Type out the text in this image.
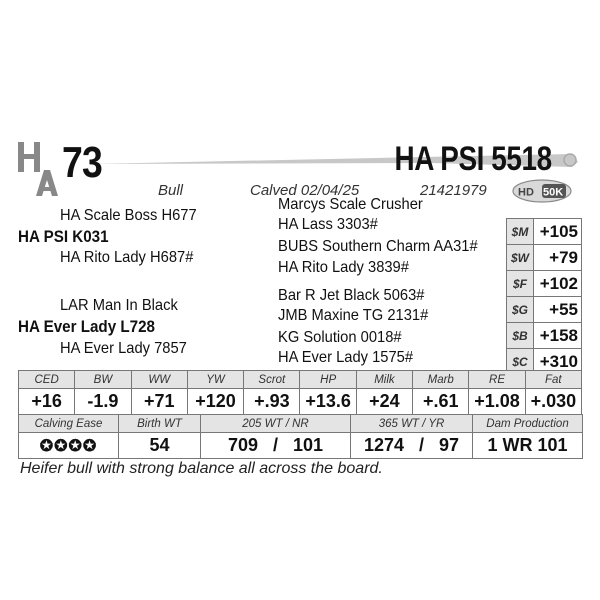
73	HA PSI 5518
Bull	Calved 02/04/25	21421979	HD 50K
HA Scale Boss H677
HA PSI K031
HA Rito Lady H687#
LAR Man In Black
HA Ever Lady L728
HA Ever Lady 7857
Marcys Scale Crusher
HA Lass 3303#
BUBS Southern Charm AA31#
HA Rito Lady 3839#
Bar R Jet Black 5063#
JMB Maxine TG 2131#
KG Solution 0018#
HA Ever Lady 1575#
$M	+105
$W	+79
$F	+102
$G	+55
$B	+158
$C	+310
CED	BW	WW	YW	Scrot	HP	Milk	Marb	RE	Fat
+16	-1.9	+71	+120	+.93	+13.6	+24	+.61	+1.08	+.030
Calving Ease	Birth WT	205 WT / NR	365 WT / YR	Dam Production
✪✪✪✪	54	709   /   101	1274   /   97	1 WR 101
Heifer bull with strong balance all across the board.
